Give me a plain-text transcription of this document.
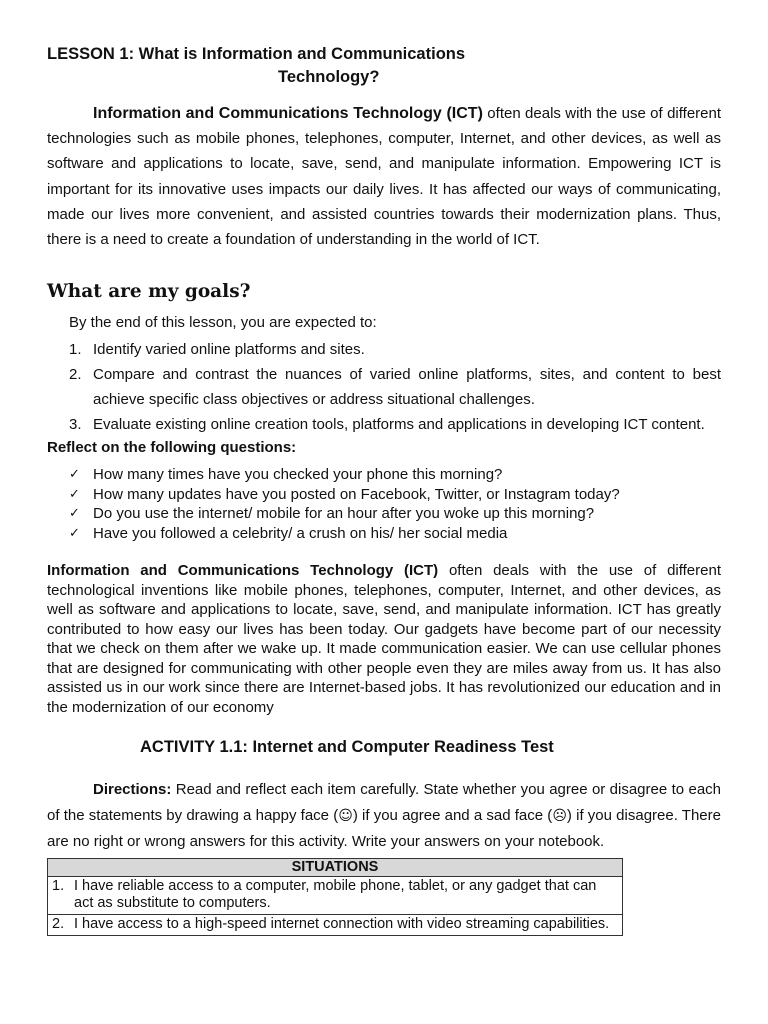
LESSON 1: What is Information and Communications
Technology?
Information and Communications Technology (ICT) often deals with the use of different technologies such as mobile phones, telephones, computer, Internet, and other devices, as well as software and applications to locate, save, send, and manipulate information. Empowering ICT is important for its innovative uses impacts our daily lives. It has affected our ways of communicating, made our lives more convenient, and assisted countries towards their modernization plans. Thus, there is a need to create a foundation of understanding in the world of ICT.
What are my goals?
By the end of this lesson, you are expected to:
1. Identify varied online platforms and sites.
2. Compare and contrast the nuances of varied online platforms, sites, and content to best achieve specific class objectives or address situational challenges.
3. Evaluate existing online creation tools, platforms and applications in developing ICT content.
Reflect on the following questions:
✓ How many times have you checked your phone this morning?
✓ How many updates have you posted on Facebook, Twitter, or Instagram today?
✓ Do you use the internet/ mobile for an hour after you woke up this morning?
✓ Have you followed a celebrity/ a crush on his/ her social media
Information and Communications Technology (ICT) often deals with the use of different technological inventions like mobile phones, telephones, computer, Internet, and other devices, as well as software and applications to locate, save, send, and manipulate information. ICT has greatly contributed to how easy our lives has been today. Our gadgets have become part of our necessity that we check on them after we wake up. It made communication easier. We can use cellular phones that are designed for communicating with other people even they are miles away from us. It has also assisted us in our work since there are Internet-based jobs. It has revolutionized our education and in the modernization of our economy
ACTIVITY 1.1: Internet and Computer Readiness Test
Directions: Read and reflect each item carefully. State whether you agree or disagree to each of the statements by drawing a happy face (☺) if you agree and a sad face (☹) if you disagree. There are no right or wrong answers for this activity. Write your answers on your notebook.
SITUATIONS

1. I have reliable access to a computer, mobile phone, tablet, or any gadget that can act as substitute to computers.

2. I have access to a high-speed internet connection with video streaming capabilities.
